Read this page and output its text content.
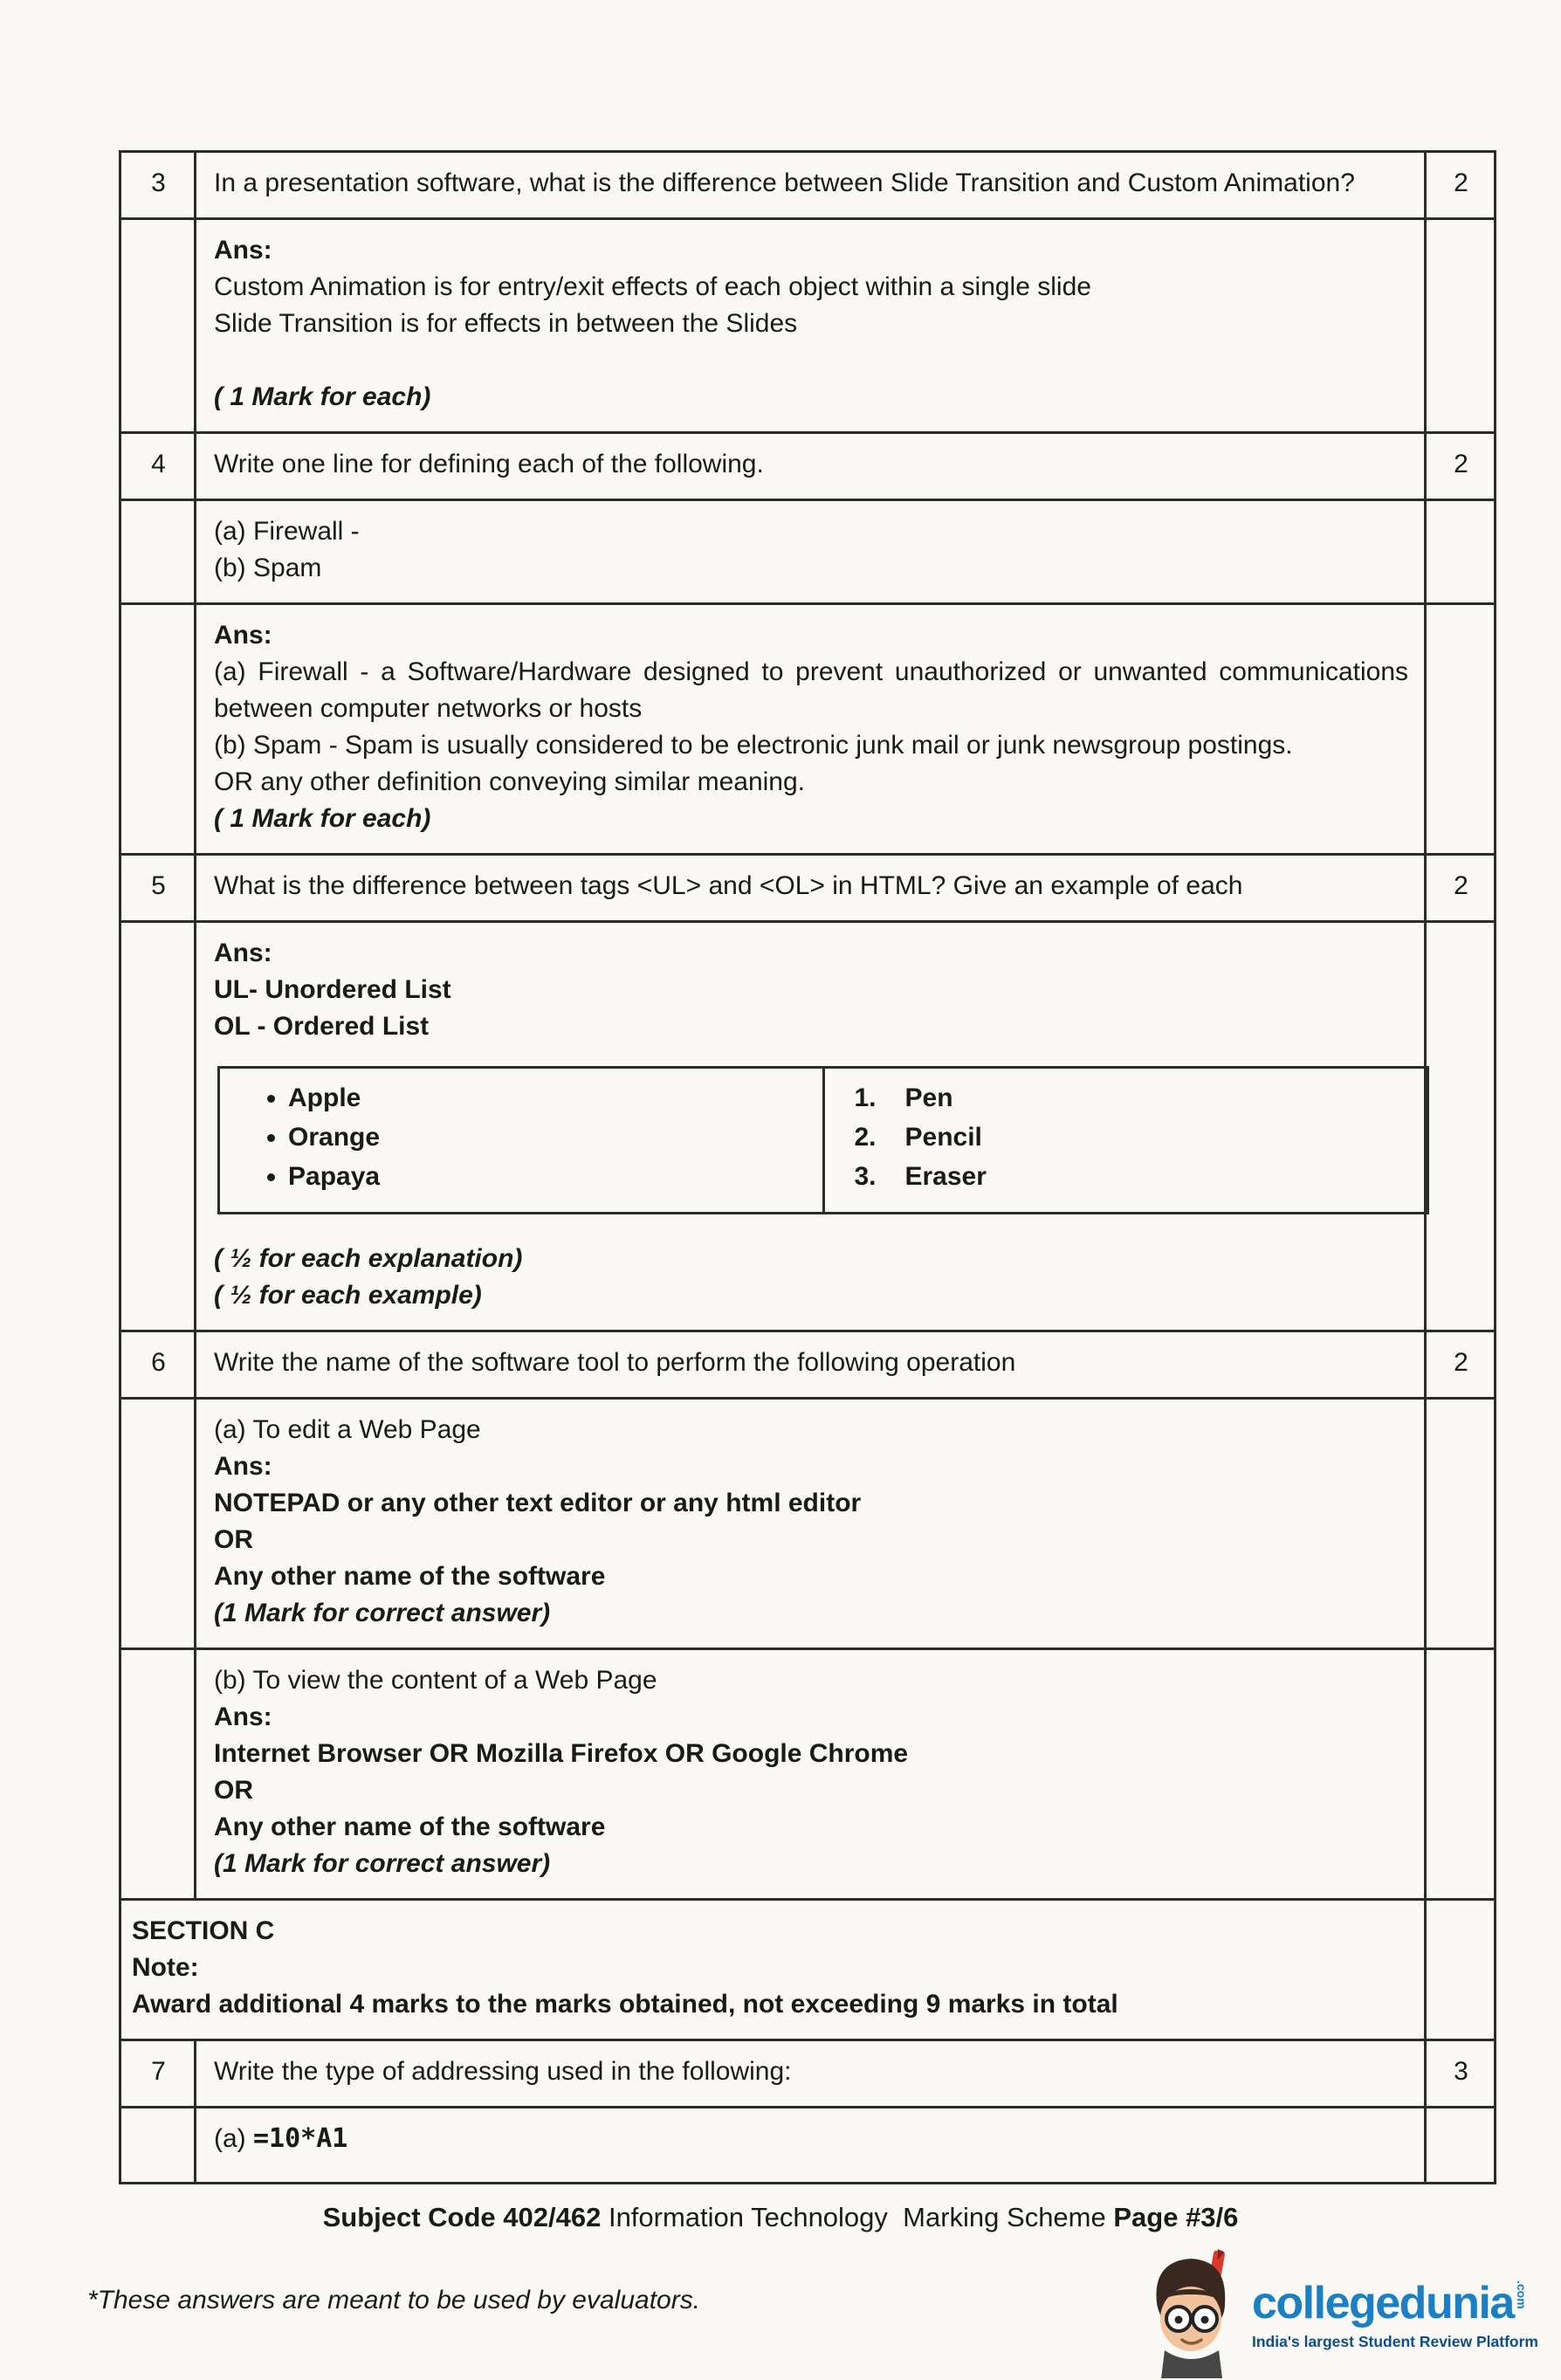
3	In a presentation software, what is the difference between Slide Transition and Custom Animation?	2

Ans:
Custom Animation is for entry/exit effects of each object within a single slide
Slide Transition is for effects in between the Slides
( 1 Mark for each)

4	Write one line for defining each of the following.	2

(a) Firewall -
(b) Spam

Ans:
(a) Firewall - a Software/Hardware designed to prevent unauthorized or unwanted communications between computer networks or hosts
(b) Spam - Spam is usually considered to be electronic junk mail or junk newsgroup postings.
OR any other definition conveying similar meaning.
( 1 Mark for each)

5	What is the difference between tags <UL> and <OL> in HTML? Give an example of each	2

Ans:
UL- Unordered List
OL - Ordered List
• Apple
• Orange
• Papaya

1.	Pen
2.	Pencil
3.	Eraser
( ½ for each explanation)
( ½ for each example)

6	Write the name of the software tool to perform the following operation	2

(a) To edit a Web Page
Ans:
NOTEPAD or any other text editor or any html editor
OR
Any other name of the software
(1 Mark for correct answer)

(b) To view the content of a Web Page
Ans:
Internet Browser OR Mozilla Firefox OR Google Chrome
OR
Any other name of the software
(1 Mark for correct answer)

SECTION C
Note:
Award additional 4 marks to the marks obtained, not exceeding 9 marks in total

7	Write the type of addressing used in the following:	3
	(a) =10*A1	
Subject Code 402/462 Information Technology  Marking Scheme Page #3/6
*These answers are meant to be used by evaluators.	collegedunia .com
India's largest Student Review Platform
